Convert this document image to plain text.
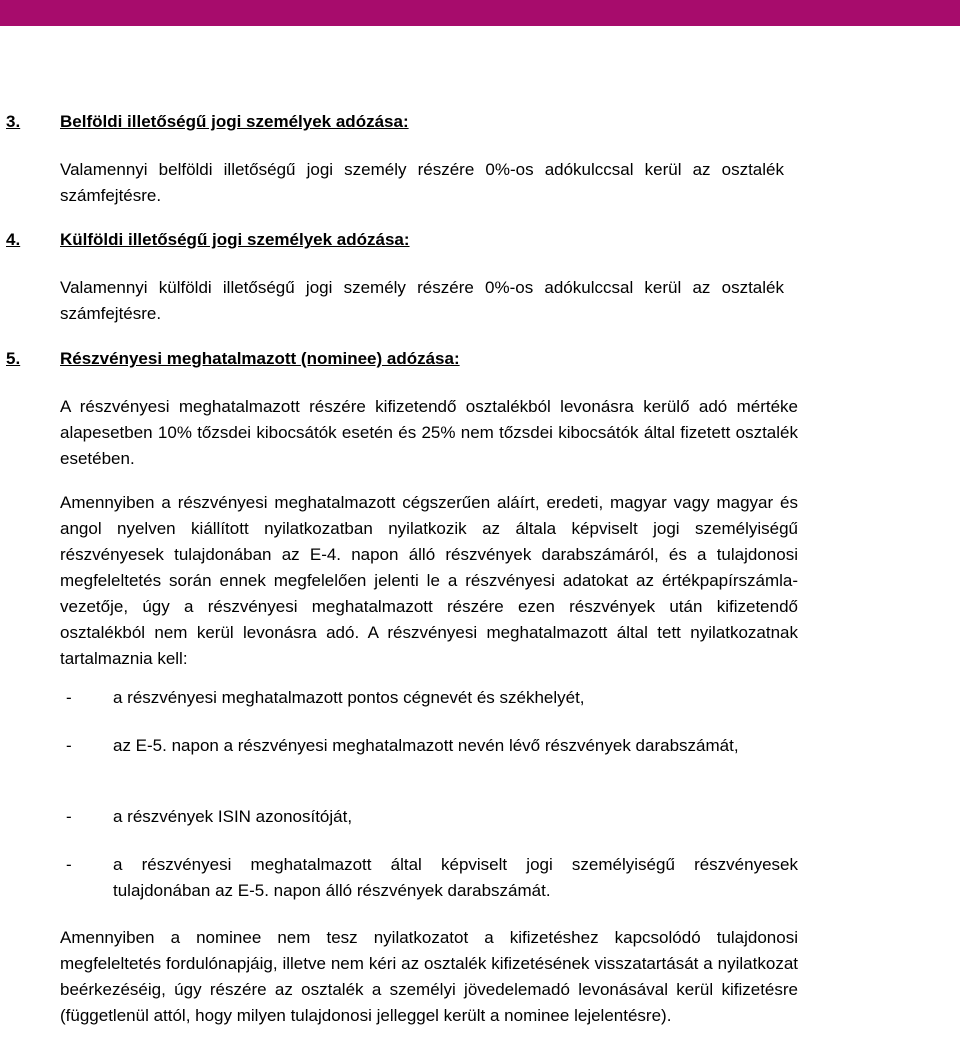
3. Belföldi illetőségű jogi személyek adózása:
Valamennyi belföldi illetőségű jogi személy részére 0%-os adókulccsal kerül az osztalék számfejtésre.
4. Külföldi illetőségű jogi személyek adózása:
Valamennyi külföldi illetőségű jogi személy részére 0%-os adókulccsal kerül az osztalék számfejtésre.
5. Részvényesi meghatalmazott (nominee) adózása:
A részvényesi meghatalmazott részére kifizetendő osztalékból levonásra kerülő adó mértéke alapesetben 10% tőzsdei kibocsátók esetén és 25% nem tőzsdei kibocsátók által fizetett osztalék esetében.
Amennyiben a részvényesi meghatalmazott cégszerűen aláírt, eredeti, magyar vagy magyar és angol nyelven kiállított nyilatkozatban nyilatkozik az általa képviselt jogi személyiségű részvényesek tulajdonában az E-4. napon álló részvények darabszámáról, és a tulajdonosi megfeleltetés során ennek megfelelően jelenti le a részvényesi adatokat az értékpapírszámla-vezetője, úgy a részvényesi meghatalmazott részére ezen részvények után kifizetendő osztalékból nem kerül levonásra adó. A részvényesi meghatalmazott által tett nyilatkozatnak tartalmaznia kell:
- a részvényesi meghatalmazott pontos cégnevét és székhelyét,
- az E-5. napon a részvényesi meghatalmazott nevén lévő részvények darabszámát,
- a részvények ISIN azonosítóját,
- a részvényesi meghatalmazott által képviselt jogi személyiségű részvényesek tulajdonában az E-5. napon álló részvények darabszámát.
Amennyiben a nominee nem tesz nyilatkozatot a kifizetéshez kapcsolódó tulajdonosi megfeleltetés fordulónapjáig, illetve nem kéri az osztalék kifizetésének visszatartását a nyilatkozat beérkezéséig, úgy részére az osztalék a személyi jövedelemadó levonásával kerül kifizetésre (függetlenül attól, hogy milyen tulajdonosi jelleggel került a nominee lejelentésre).
